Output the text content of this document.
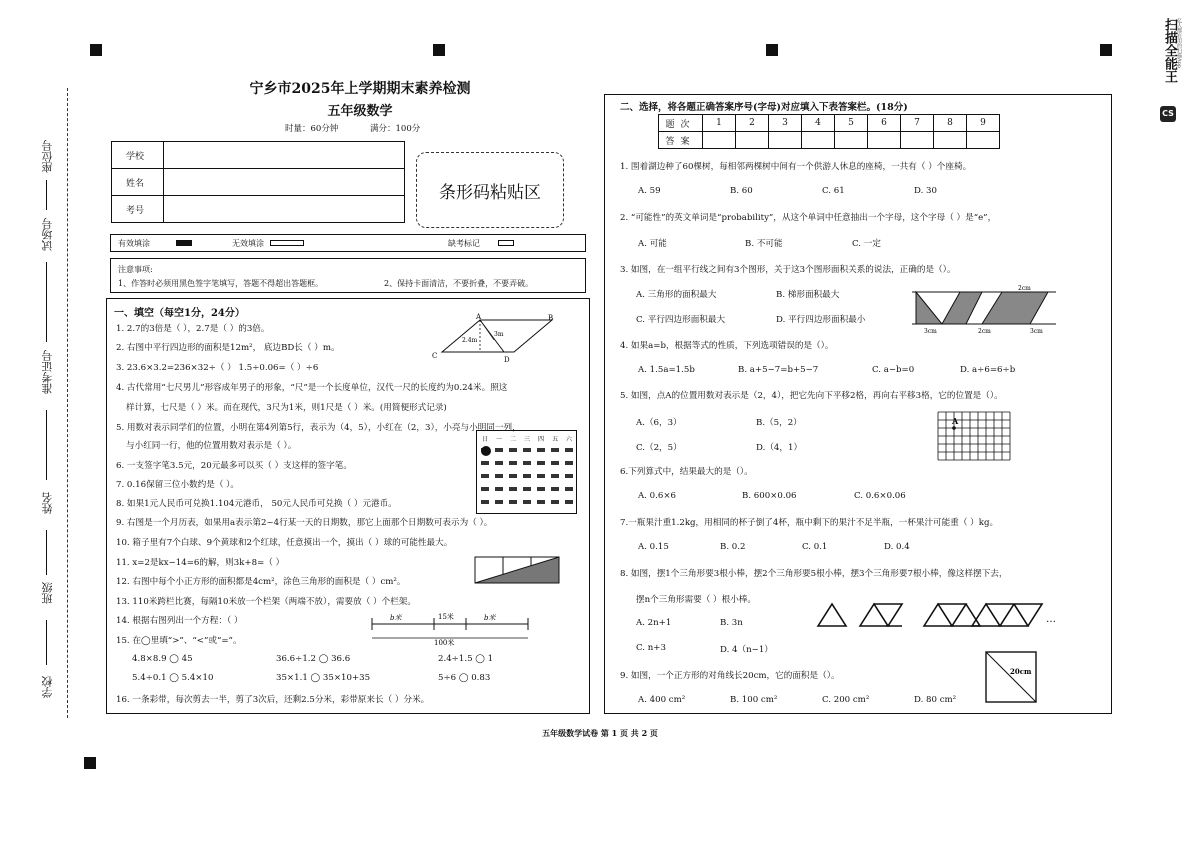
CS
扫描全能王 亿人都在用的扫描App
座位号
试场号
准考证号
姓名
班级
学校
宁乡市2025年上学期期末素养检测
五年级数学
时量：60分钟	满分：100分
学校	
姓名	
考号	
条形码粘贴区
有效填涂	无效填涂	缺考标记
注意事项:
1、作答时必须用黑色签字笔填写，答题不得超出答题框。	2、保持卡面清洁，不要折叠，不要弄破。
一、填空（每空1分，24分）
1. 2.7的3倍是（ ），2.7是（ ）的3倍。
2. 右图中平行四边形的面积是12m²， 底边BD长（ ）m。
3. 23.6×3.2=236×32÷（ ） 1.5÷0.06=（ ）÷6
4. 古代常用“七尺男儿”形容成年男子的形象，“尺”是一个长度单位，汉代一尺的长度约为0.24米。照这
样计算，七尺是（ ）米。而在现代，3尺为1米，则1尺是（ ）米。(用简便形式记录)
5. 用数对表示同学们的位置，小明在第4列第5行，表示为（4，5），小红在（2，3），小亮与小明同一列，
与小红同一行，他的位置用数对表示是（ ）。
6. 一支签字笔3.5元，20元最多可以买（ ）支这样的签字笔。
7. 0.16̇保留三位小数约是（ ）。
8. 如果1元人民币可兑换1.104元港币， 50元人民币可兑换（ ）元港币。
9. 右图是一个月历表，如果用a表示第2~4行某一天的日期数，那它上面那个日期数可表示为（ ）。
10. 箱子里有7个白球、9个黄球和2个红球，任意摸出一个，摸出（ ）球的可能性最大。
11. x=2是kx−14=6的解，则3k+8=（ ）
12. 右图中每个小正方形的面积都是4cm²，涂色三角形的面积是（ ）cm²。
13. 110米跨栏比赛，每隔10米放一个栏架（两端不放），需要放（ ）个栏架。
14. 根据右图列出一个方程：（ ）
15. 在◯里填“>”、“<”或“=”。
4.8×8.9 ◯ 45	36.6÷1.2 ◯ 36.6	2.4÷1.5 ◯ 1
5.4÷0.1 ◯ 5.4×10	35×1.1 ◯ 35×10+35	5÷6 ◯ 0.83
16. 一条彩带，每次剪去一半，剪了3次后，还剩2.5分米，彩带原来长（ ）分米。
A	B
C	D
2.4m
3m
日 一 二 三 四 五 六
b米	15米	b米
100米
二、选择，将各题正确答案序号(字母)对应填入下表答案栏。(18分)
题次	1	2	3	4	5	6	7	8	9
答案									
1. 围着湖边种了60棵树，每相邻两棵树中间有一个供游人休息的座椅，一共有（ ）个座椅。
A. 59	B. 60	C. 61	D. 30
2. “可能性”的英文单词是“probability”，从这个单词中任意抽出一个字母，这个字母（ ）是“e”，
A. 可能	B. 不可能	C. 一定
3. 如图，在一组平行线之间有3个图形，关于这3个图形面积关系的说法，正确的是（）。
A. 三角形的面积最大	B. 梯形面积最大
C. 平行四边形面积最大	D. 平行四边形面积最小
2cm
3cm	2cm	3cm
4. 如果a=b，根据等式的性质，下列选项错误的是（）。
A. 1.5a=1.5b	B. a+5−7=b+5−7	C. a−b=0	D. a÷6=6÷b
5. 如图，点A的位置用数对表示是（2，4），把它先向下平移2格，再向右平移3格，它的位置是（）。
A.（6，3）	B.（5，2）
C.（2，5）	D.（4，1）
A
6.下列算式中，结果最大的是（）。
A. 0.6×6	B. 600×0.06	C. 0.6×0.06
7.一瓶果汁重1.2kg，用相同的杯子倒了4杯，瓶中剩下的果汁不足半瓶，一杯果汁可能重（ ）kg。
A. 0.15	B. 0.2	C. 0.1	D. 0.4
8. 如图，摆1个三角形要3根小棒，摆2个三角形要5根小棒，摆3个三角形要7根小棒，像这样摆下去，
摆n个三角形需要（ ）根小棒。
A. 2n+1	B. 3n
C. n+3	D. 4（n−1）
…
9. 如图，一个正方形的对角线长20cm，它的面积是（）。
A. 400 cm²	B. 100 cm²	C. 200 cm²	D. 80 cm²
20cm
五年级数学试卷 第 1 页 共 2 页
